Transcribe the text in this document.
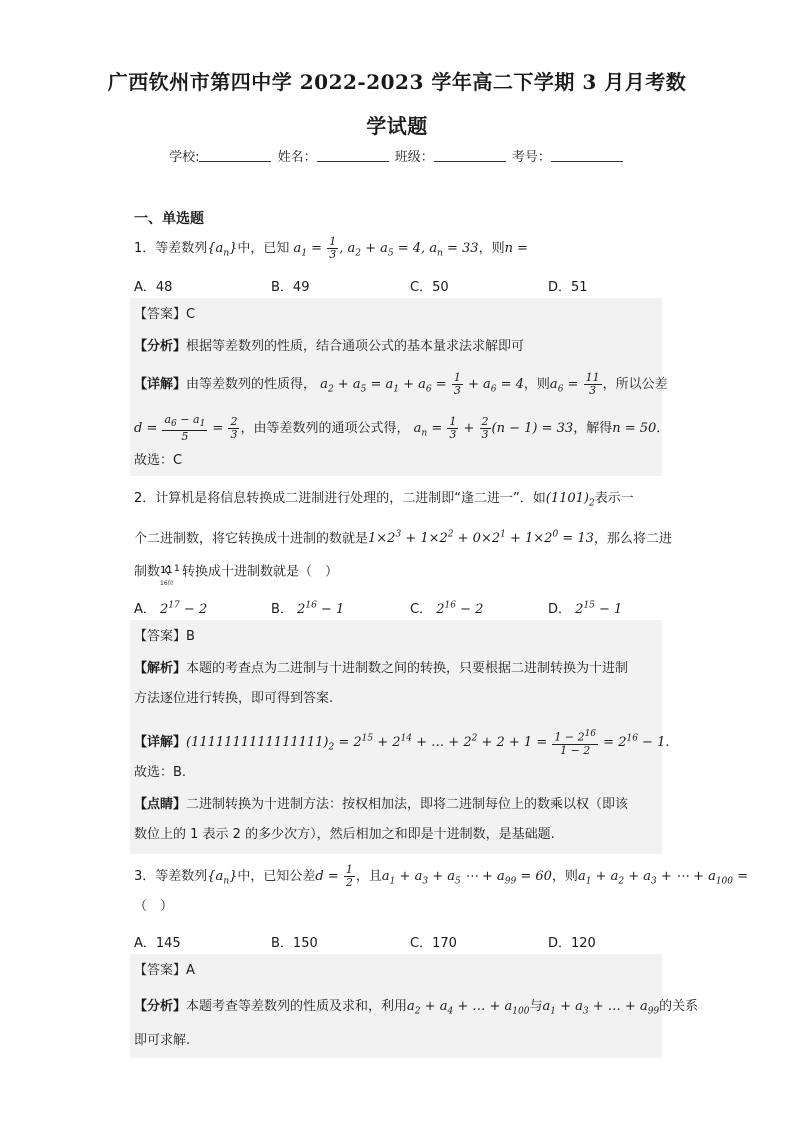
广西钦州市第四中学 2022-2023 学年高二下学期 3 月月考数
学试题
学校:	姓名：	班级：	考号：
一、单选题
1．等差数列$\{a_n\}$中，已知 $a_1 = \frac{1}{3}$ , $a_2 + a_5 = 4$, $a_n = 33$，则n =
A．48	B．49	C．50	D．51
【答案】C
【分析】根据等差数列的性质，结合通项公式的基本量求法求解即可
【详解】由等差数列的性质得， $a_2 + a_5 = a_1 + a_6 = \frac{1}{3} + a_6 = 4$，则$a_6 = \frac{11}{3}$ ，所以公差
$d = \frac{a_6 - a_1}{5} = \frac{2}{3}$ ，由等差数列的通项公式得， $a_n = \frac{1}{3} + \frac{2}{3} (n - 1) = 33$，解得n = 50．
故选：C
2．计算机是将信息转换成二进制进行处理的，二进制即“逢二进一”．如$(1101)_2$表示一
个二进制数，将它转换成十进制的数就是$1\times 2^3 + 1\times 2^2 + 0\times 2^1 + 1\times 2^0 = 13$，那么将二进
制数 11 1
16位
转换成十进制数就是（　）
A． $2^{17} - 2$	B． $2^{16} - 1$	C． $2^{16} - 2$	D． $2^{15} - 1$
【答案】B
【解析】本题的考查点为二进制与十进制数之间的转换，只要根据二进制转换为十进制
方法逐位进行转换，即可得到答案.
【详解】$(1111111111111111)_2 = 2^{15} + 2^{14}$ + … + $2^2 + 2 + 1 = \frac{1 - 2^{16}}{1 - 2} = 2^{16} - 1$.
故选：B.
【点睛】二进制转换为十进制方法：按权相加法，即将二进制每位上的数乘以权（即该
数位上的 1 表示 2 的多少次方），然后相加之和即是十进制数，是基础题.
3．等差数列$\{a_n\}$中，已知公差$d = \frac{1}{2}$ ，且$a_1 + a_3 + a_5$ ⋯ + $a_{99} = 60$，则$a_1 + a_2 + a_3$ + ⋯ + $a_{100}$ =
（　）
A．145	B．150	C．170	D．120
【答案】A
【分析】本题考查等差数列的性质及求和，利用$a_2 + a_4$ + … + $a_{100}$与$a_1 + a_3$ + … + $a_{99}$的关系
即可求解.
